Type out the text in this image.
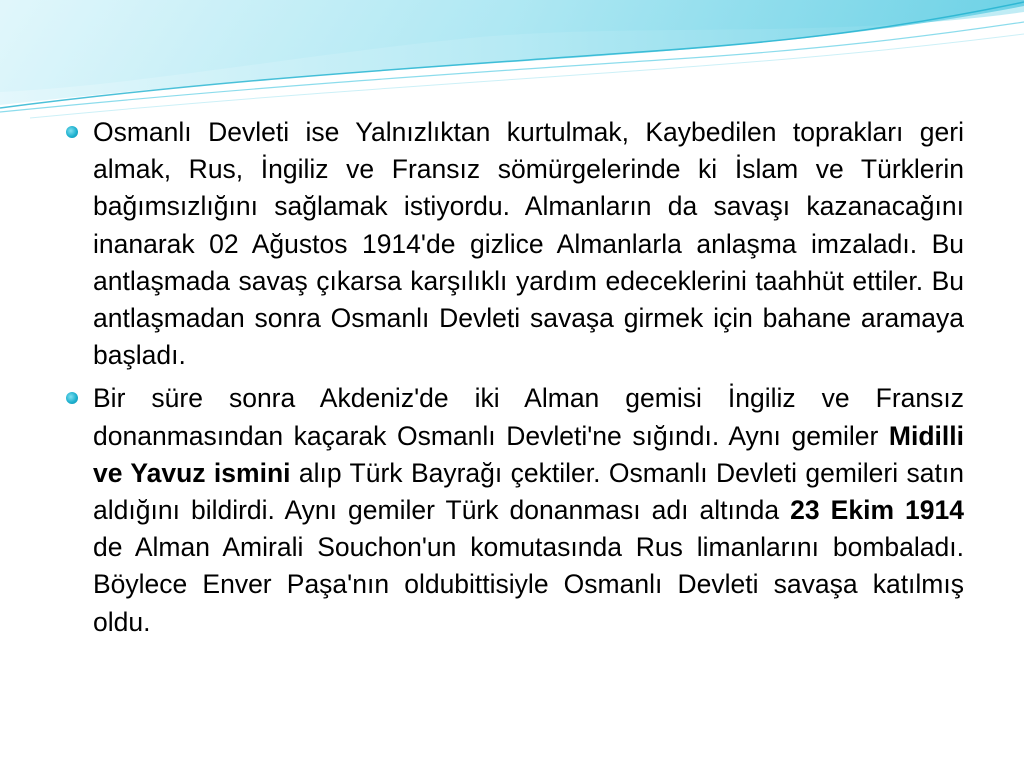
Osmanlı Devleti ise Yalnızlıktan kurtulmak, Kaybedilen toprakları geri almak, Rus, İngiliz ve Fransız sömürgelerinde ki İslam ve Türklerin bağımsızlığını sağlamak istiyordu. Almanların da savaşı kazanacağını inanarak 02 Ağustos 1914'de gizlice Almanlarla anlaşma imzaladı. Bu antlaşmada savaş çıkarsa karşılıklı yardım edeceklerini taahhüt ettiler. Bu antlaşmadan sonra Osmanlı Devleti savaşa girmek için bahane aramaya başladı.
Bir süre sonra Akdeniz'de iki Alman gemisi İngiliz ve Fransız donanmasından kaçarak Osmanlı Devleti'ne sığındı. Aynı gemiler Midilli ve Yavuz ismini alıp Türk Bayrağı çektiler. Osmanlı Devleti gemileri satın aldığını bildirdi. Aynı gemiler Türk donanması adı altında 23 Ekim 1914 de Alman Amirali Souchon'un komutasında Rus limanlarını bombaladı. Böylece Enver Paşa'nın oldubittisiyle Osmanlı Devleti savaşa katılmış oldu.
